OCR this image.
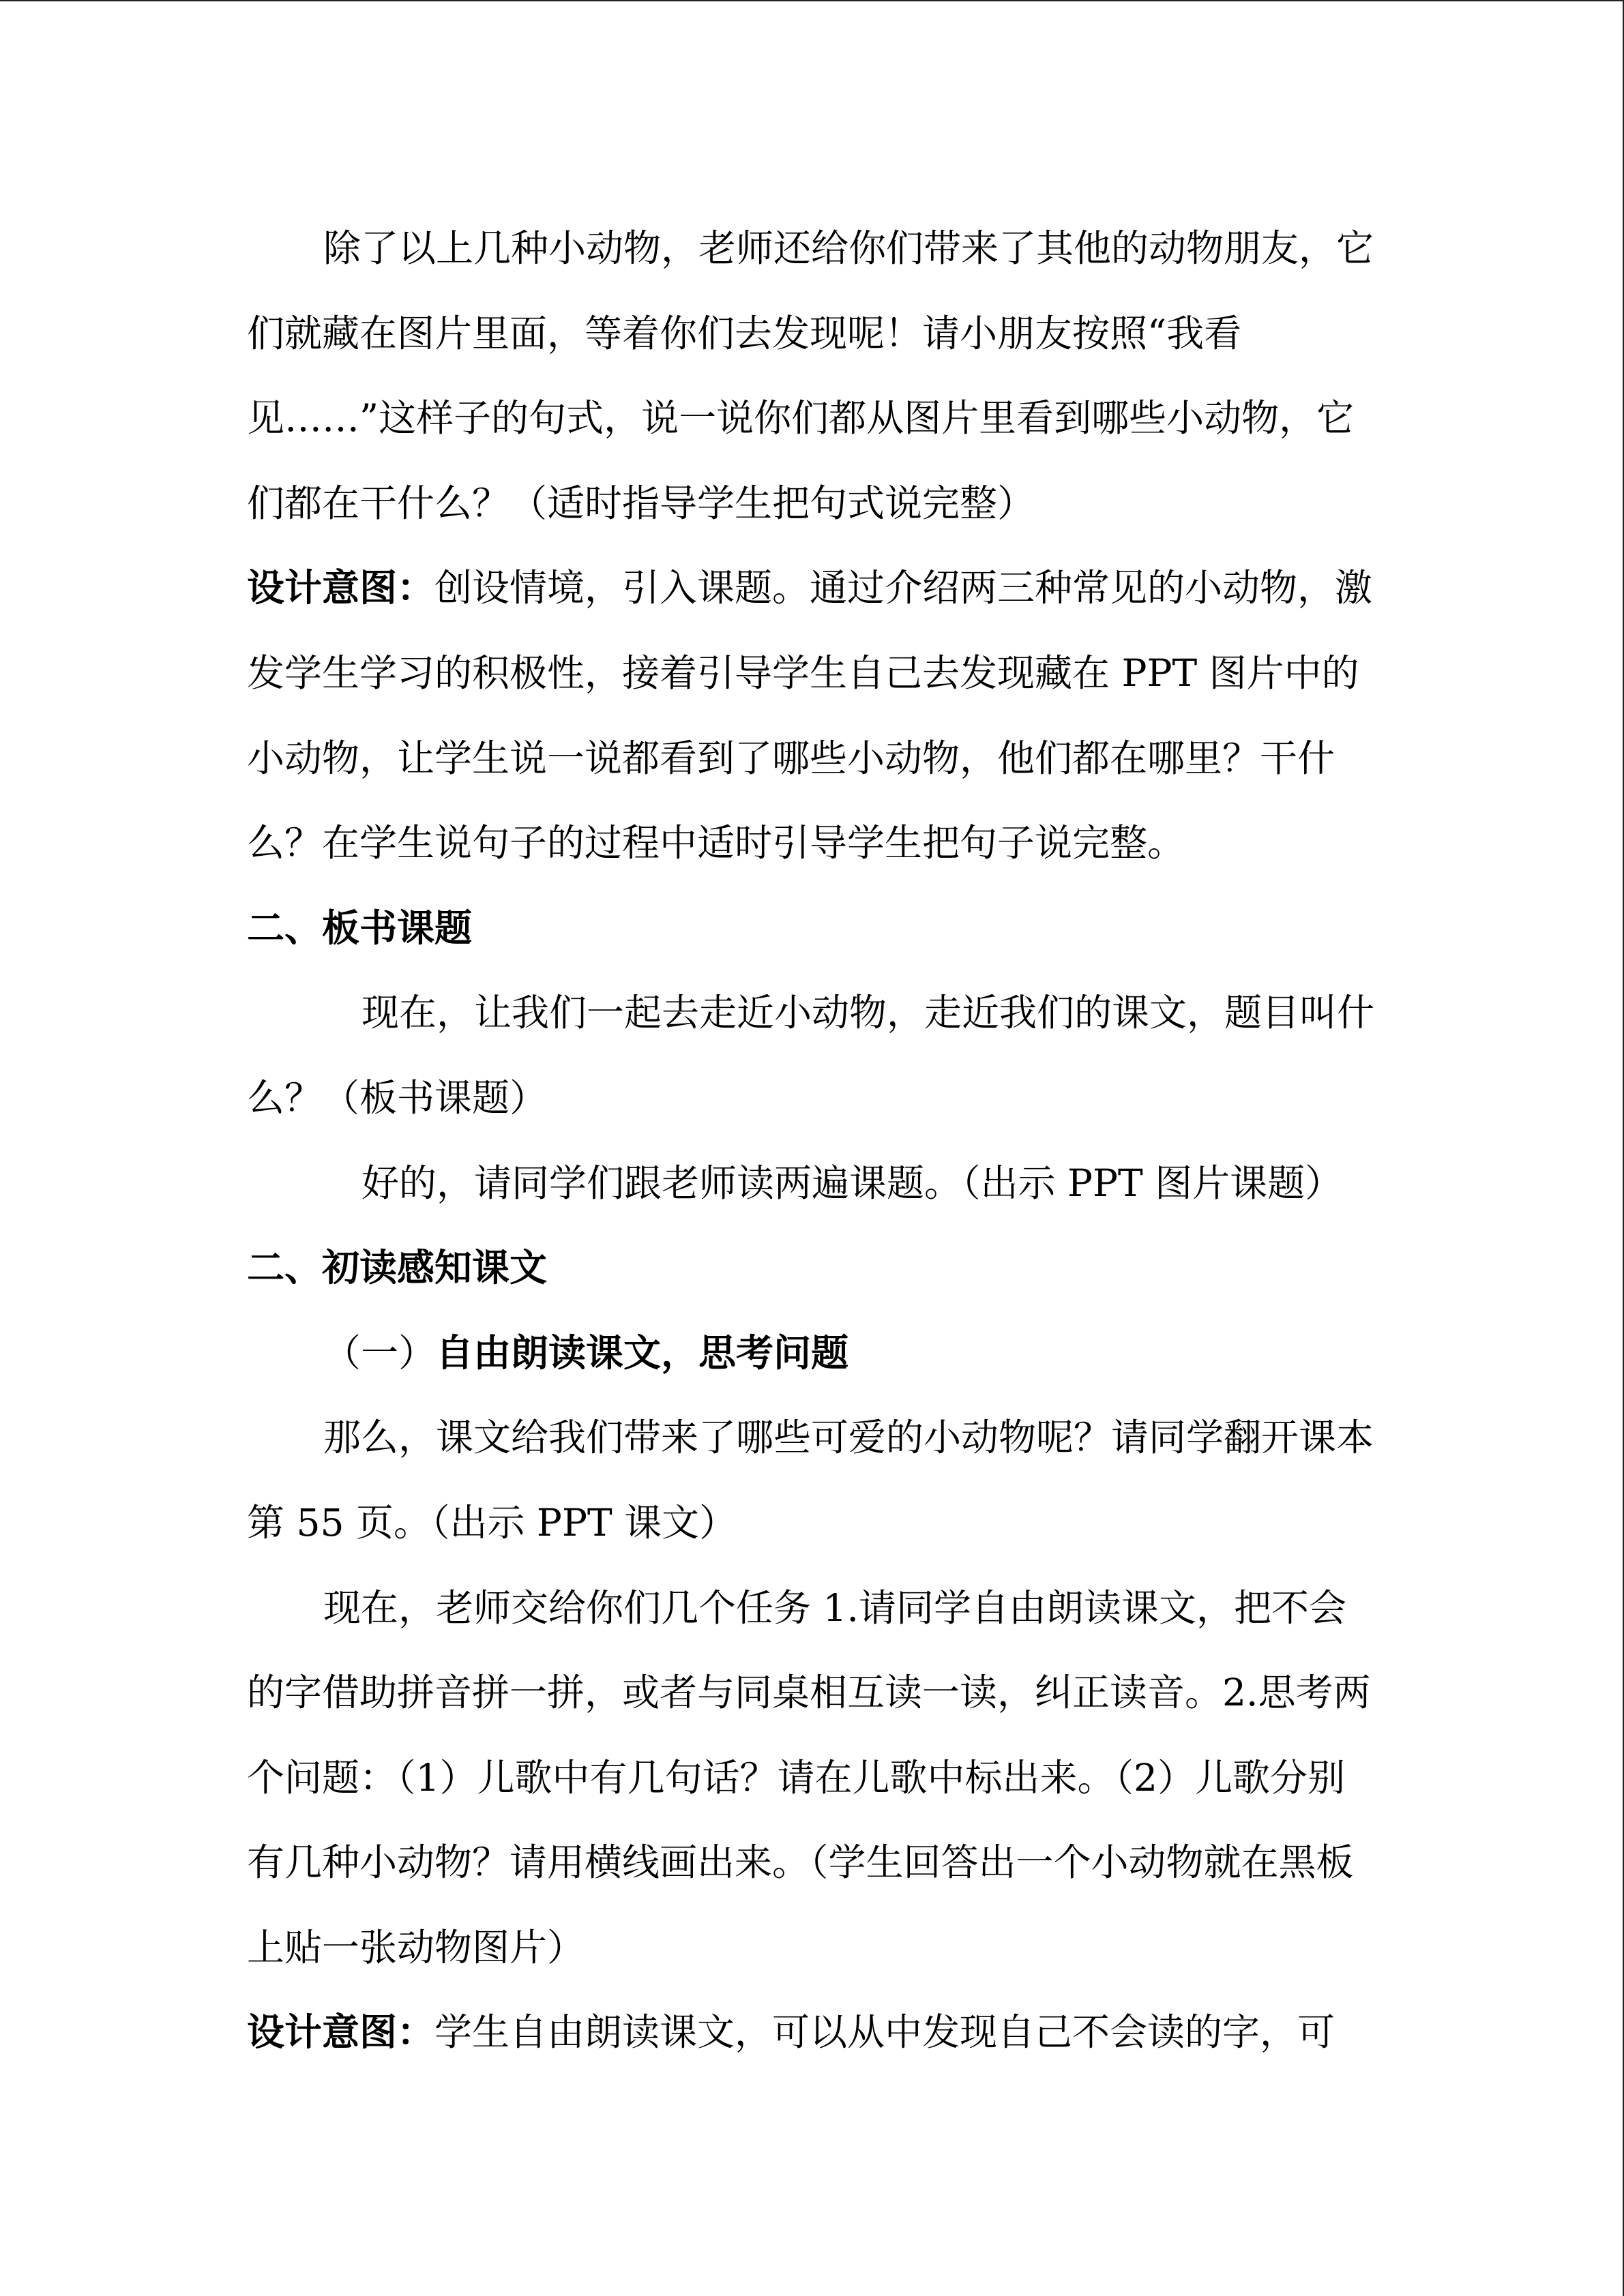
除了以上几种小动物，老师还给你们带来了其他的动物朋友，它们就藏在图片里面，等着你们去发现呢！请小朋友按照“我看见……”这样子的句式，说一说你们都从图片里看到哪些小动物，它们都在干什么？（适时指导学生把句式说完整）

设计意图：创设情境，引入课题。通过介绍两三种常见的小动物，激发学生学习的积极性，接着引导学生自己去发现藏在 PPT 图片中的小动物，让学生说一说都看到了哪些小动物，他们都在哪里？干什么？在学生说句子的过程中适时引导学生把句子说完整。

二、板书课题

现在，让我们一起去走近小动物，走近我们的课文，题目叫什么？（板书课题）

好的，请同学们跟老师读两遍课题。（出示 PPT 图片课题）

二、初读感知课文

（一）自由朗读课文，思考问题

那么，课文给我们带来了哪些可爱的小动物呢？请同学翻开课本第 55 页。（出示 PPT 课文）

现在，老师交给你们几个任务 1.请同学自由朗读课文，把不会的字借助拼音拼一拼，或者与同桌相互读一读，纠正读音。2.思考两个问题：（1）儿歌中有几句话？请在儿歌中标出来。（2）儿歌分别有几种小动物？请用横线画出来。（学生回答出一个小动物就在黑板上贴一张动物图片）

设计意图：学生自由朗读课文，可以从中发现自己不会读的字，可
